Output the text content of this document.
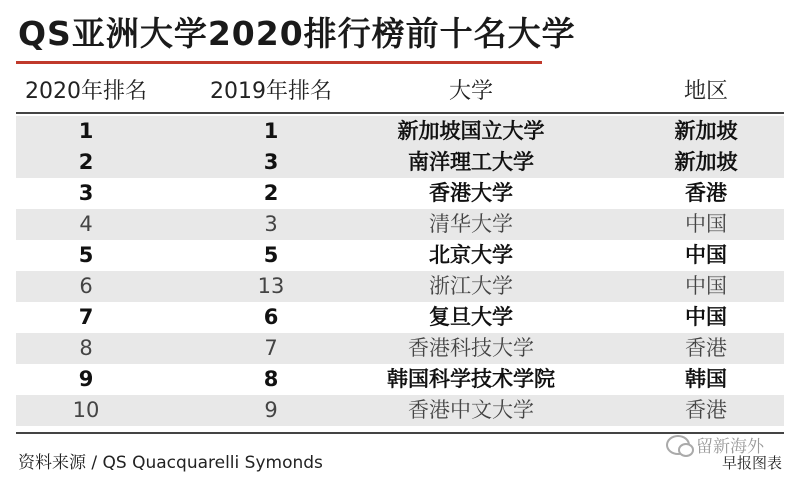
QS亚洲大学2020排行榜前十名大学
2020年排名	2019年排名	大学	地区
1	1	新加坡国立大学	新加坡
2	3	南洋理工大学	新加坡
3	2	香港大学	香港
4	3	清华大学	中国
5	5	北京大学	中国
6	13	浙江大学	中国
7	6	复旦大学	中国
8	7	香港科技大学	香港
9	8	韩国科学技术学院	韩国
10	9	香港中文大学	香港
资料来源 / QS Quacquarelli Symonds
留新海外
早报图表
